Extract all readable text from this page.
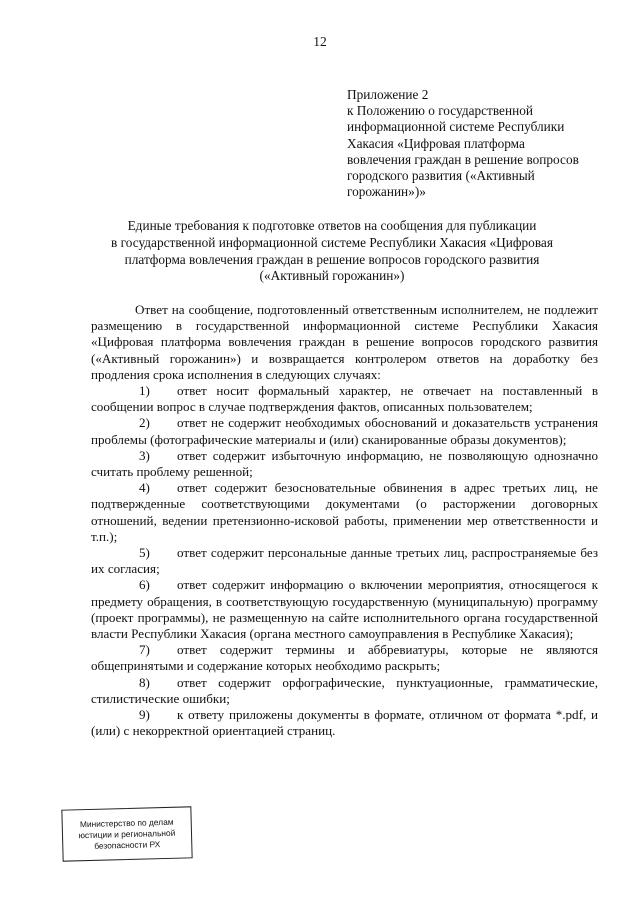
12
Приложение 2
к Положению о государственной
информационной системе Республики
Хакасия «Цифровая платформа
вовлечения граждан в решение вопросов
городского развития («Активный
горожанин»)»
Единые требования к подготовке ответов на сообщения для публикации
в государственной информационной системе Республики Хакасия «Цифровая
платформа вовлечения граждан в решение вопросов городского развития
(«Активный горожанин»)

Ответ на сообщение, подготовленный ответственным исполнителем, не подлежит размещению в государственной информационной системе Республики Хакасия «Цифровая платформа вовлечения граждан в решение вопросов городского развития («Активный горожанин») и возвращается контролером ответов на доработку без продления срока исполнения в следующих случаях:

1) ответ носит формальный характер, не отвечает на поставленный в сообщении вопрос в случае подтверждения фактов, описанных пользователем;

2) ответ не содержит необходимых обоснований и доказательств устранения проблемы (фотографические материалы и (или) сканированные образы документов);

3) ответ содержит избыточную информацию, не позволяющую однозначно считать проблему решенной;

4) ответ содержит безосновательные обвинения в адрес третьих лиц, не подтвержденные соответствующими документами (о расторжении договорных отношений, ведении претензионно-исковой работы, применении мер ответственности и т.п.);

5) ответ содержит персональные данные третьих лиц, распространяемые без их согласия;

6) ответ содержит информацию о включении мероприятия, относящегося к предмету обращения, в соответствующую государственную (муниципальную) программу (проект программы), не размещенную на сайте исполнительного органа государственной власти Республики Хакасия (органа местного самоуправления в Республике Хакасия);

7) ответ содержит термины и аббревиатуры, которые не являются общепринятыми и содержание которых необходимо раскрыть;

8) ответ содержит орфографические, пунктуационные, грамматические, стилистические ошибки;

9) к ответу приложены документы в формате, отличном от формата *.pdf, и (или) с некорректной ориентацией страниц.

Министерство по делам
юстиции и региональной
безопасности РХ
